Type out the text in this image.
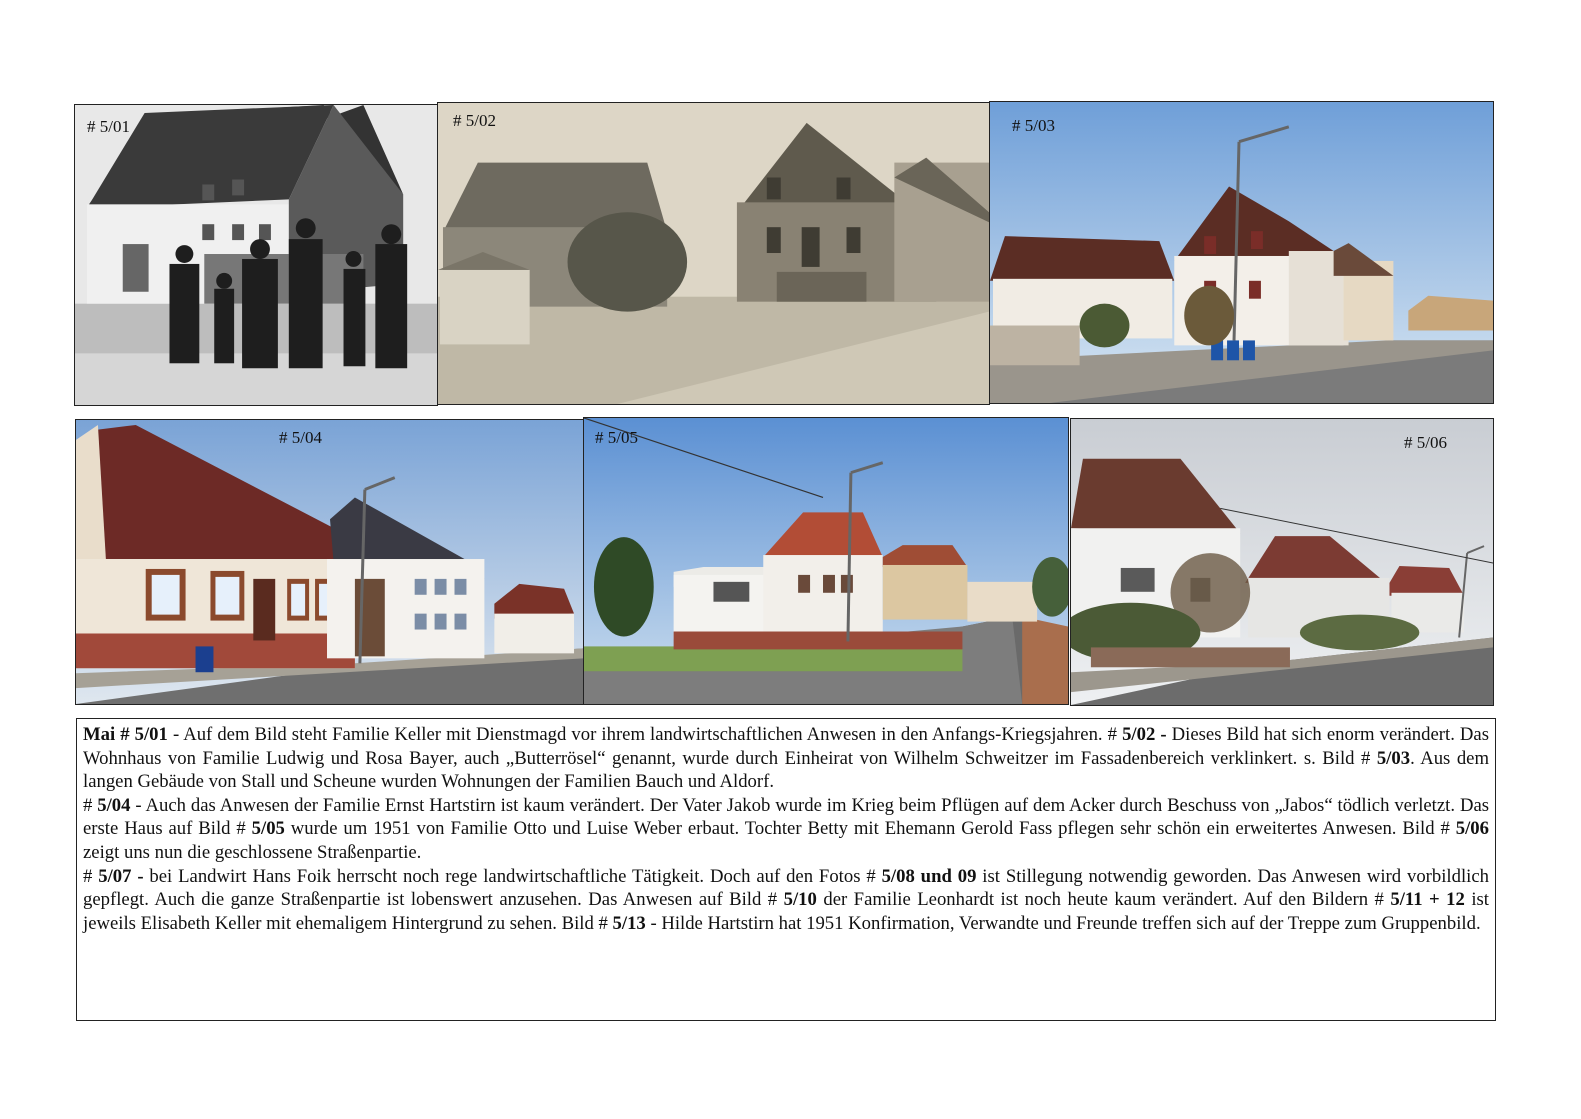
# 5/01	# 5/02	# 5/03
# 5/04	# 5/05	# 5/06

Mai # 5/01 - Auf dem Bild steht Familie Keller mit Dienstmagd vor ihrem landwirtschaftlichen Anwesen in den Anfangs-Kriegsjahren. # 5/02 - Dieses Bild hat sich enorm verändert. Das Wohnhaus von Familie Ludwig und Rosa Bayer, auch „Butterrösel“ genannt, wurde durch Einheirat von Wilhelm Schweitzer im Fassadenbereich verklinkert. s. Bild # 5/03. Aus dem langen Gebäude von Stall und Scheune wurden Wohnungen der Familien Bauch und Aldorf.

# 5/04 - Auch das Anwesen der Familie Ernst Hartstirn ist kaum verändert. Der Vater Jakob wurde im Krieg beim Pflügen auf dem Acker durch Beschuss von „Jabos“ tödlich verletzt. Das erste Haus auf Bild # 5/05 wurde um 1951 von Familie Otto und Luise Weber erbaut. Tochter Betty mit Ehemann Gerold Fass pflegen sehr schön ein erweitertes Anwesen. Bild # 5/06 zeigt uns nun die geschlossene Straßenpartie.

# 5/07 - bei Landwirt Hans Foik herrscht noch rege landwirtschaftliche Tätigkeit. Doch auf den Fotos # 5/08 und 09 ist Stillegung notwendig geworden. Das Anwesen wird vorbildlich gepflegt. Auch die ganze Straßenpartie ist lobenswert anzusehen. Das Anwesen auf Bild # 5/10 der Familie Leonhardt ist noch heute kaum verändert. Auf den Bildern # 5/11 + 12 ist jeweils Elisabeth Keller mit ehemaligem Hintergrund zu sehen. Bild # 5/13 - Hilde Hartstirn hat 1951 Konfirmation, Verwandte und Freunde treffen sich auf der Treppe zum Gruppenbild.
